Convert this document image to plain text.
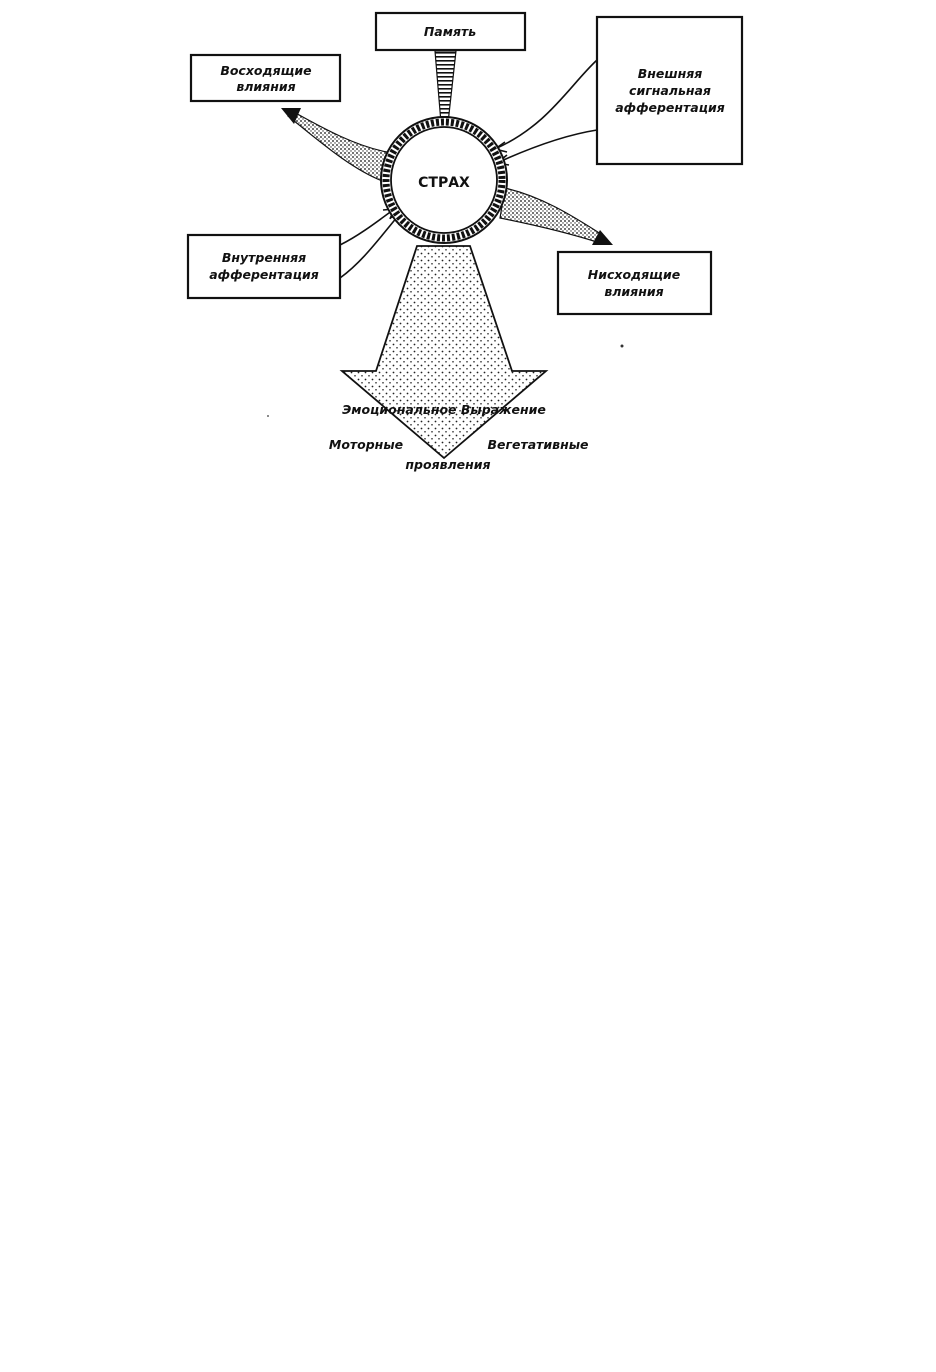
СТРАХ
Память
Восходящие
влияния
Внешняя
сигнальная
афферентация
Внутренняя
афферентация	Нисходящие
влияния
Эмоциональное Выражение
Моторные	Вегетативные
проявления
